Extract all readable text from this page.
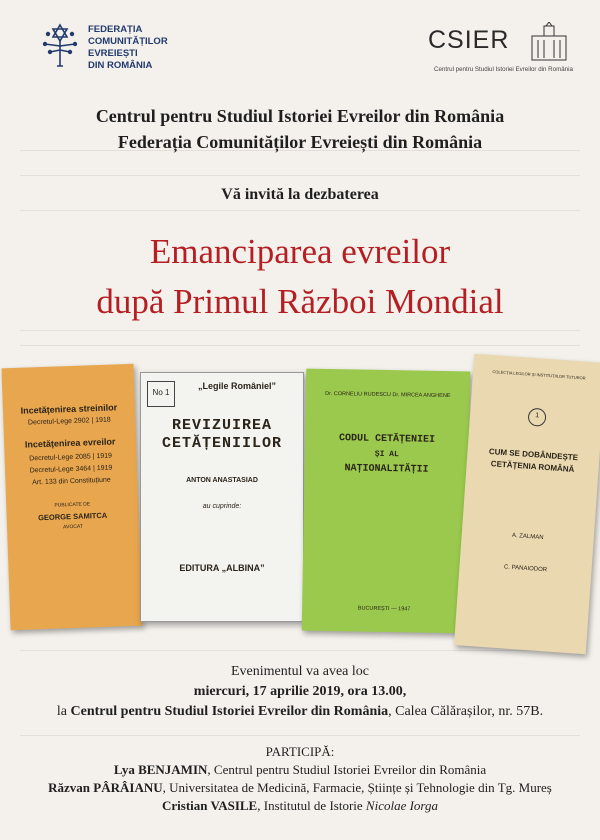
FEDERAȚIA
COMUNITĂȚILOR
EVREIEȘTI
DIN ROMÂNIA
CSIER
Centrul pentru Studiul Istoriei Evreilor din România
Centrul pentru Studiul Istoriei Evreilor din România
Federația Comunităților Evreiești din România
Vă invită la dezbaterea
Emanciparea evreilor
după Primul Război Mondial
Incetățenirea streinilor
Decretul-Lege 2902 | 1918
Incetățenirea evreilor
Decretul-Lege 2085 | 1919
Decretul-Lege 3464 | 1919
Art. 133 din Constituțiune
PUBLICATE DE
GEORGE SAMITCA
AVOCAT
No 1
„Legile Româniel”
REVIZUIREA
CETĂȚENIILOR
ANTON ANASTASIAD
au cuprinde:
EDITURA „ALBINA”
Dr. CORNELIU RUDESCU Dr. MIRCEA ANGHENE
CODUL CETĂȚENIEI
ȘI AL
NAȚIONALITĂȚII
BUCUREȘTI — 1947
COLECȚIA LEGILOR ȘI INSTITUȚIILOR TUTUROR
1
CUM SE DOBÂNDEȘTE
CETĂȚENIA ROMÂNĂ
A. ZALMAN
C. PANAIODOR
Evenimentul va avea loc
miercuri, 17 aprilie 2019, ora 13.00,
la Centrul pentru Studiul Istoriei Evreilor din România, Calea Călărașilor, nr. 57B.
PARTICIPĂ:
Lya BENJAMIN, Centrul pentru Studiul Istoriei Evreilor din România
Răzvan PÂRÂIANU, Universitatea de Medicină, Farmacie, Științe și Tehnologie din Tg. Mureș
Cristian VASILE, Institutul de Istorie Nicolae Iorga
